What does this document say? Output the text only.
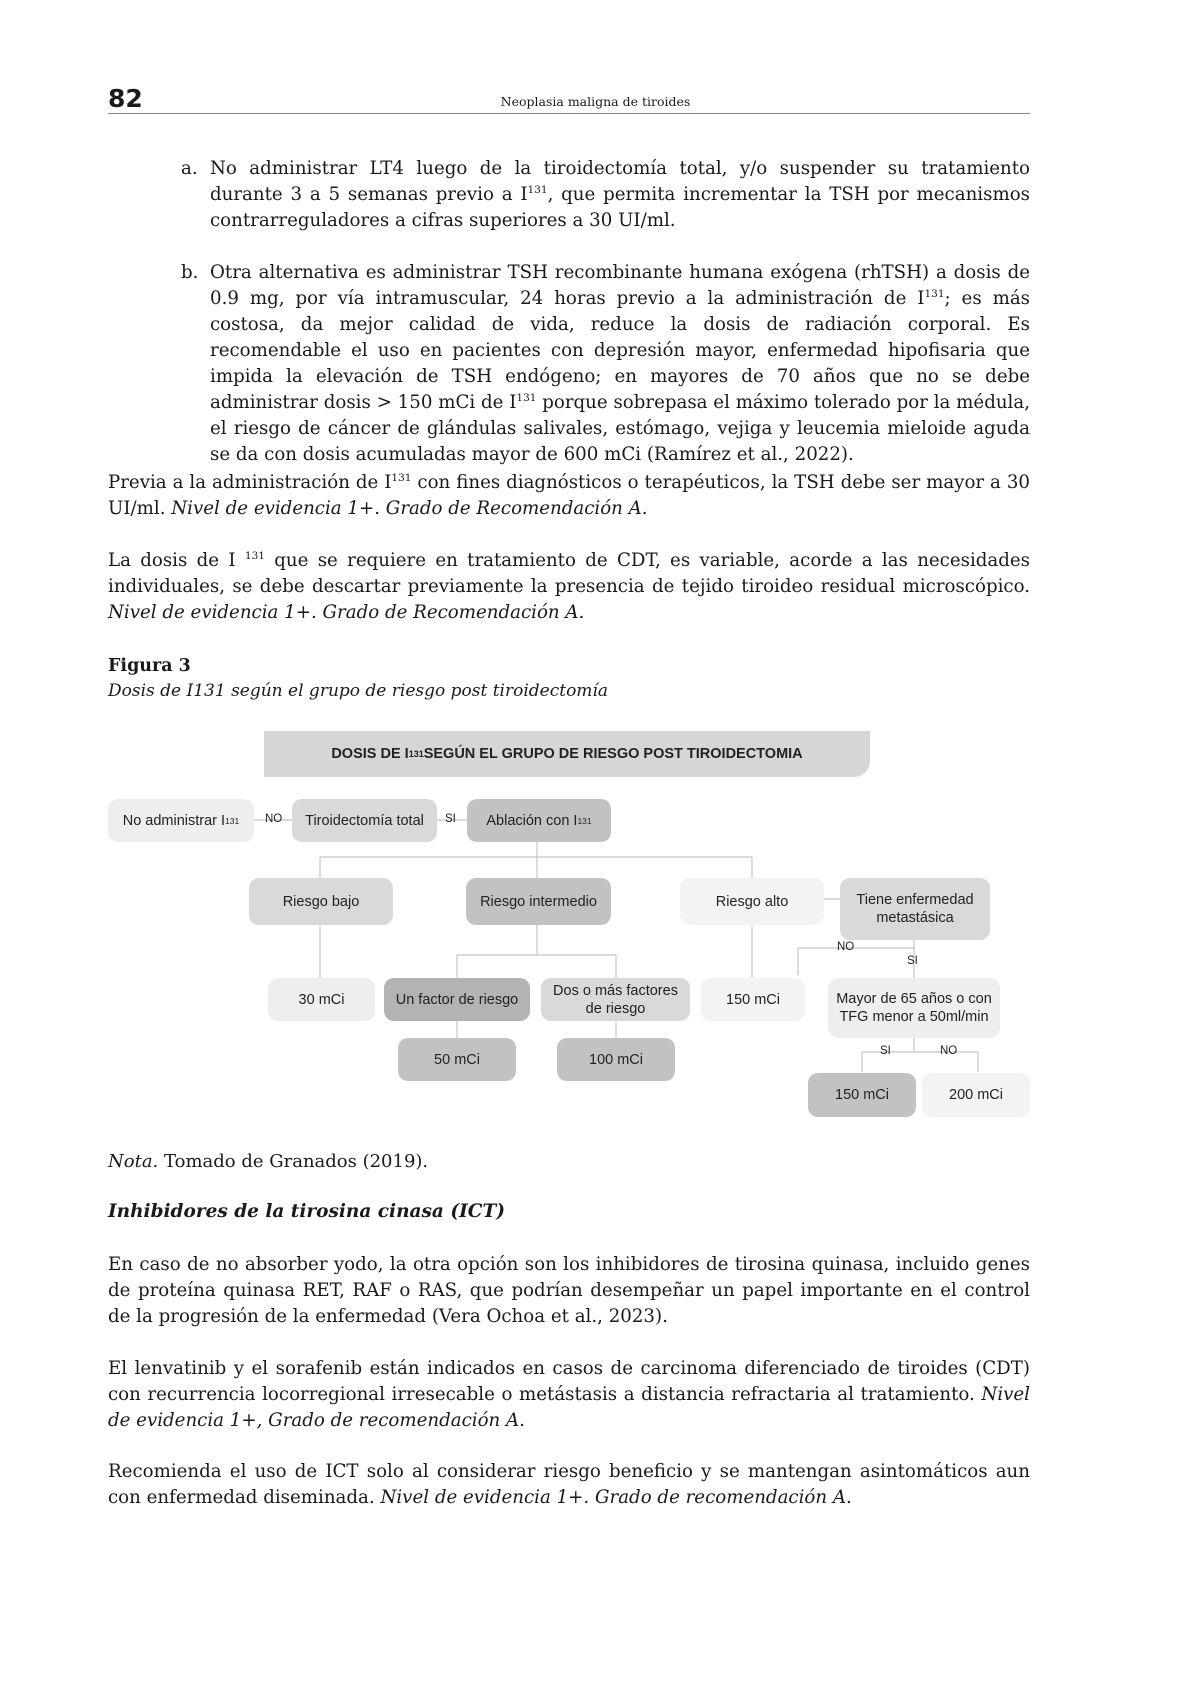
82	Neoplasia maligna de tiroides
a. No administrar LT4 luego de la tiroidectomía total, y/o suspender su tratamiento durante 3 a 5 semanas previo a $I^{131}$, que permita incrementar la TSH por mecanismos contrarreguladores a cifras superiores a 30 UI/ml.
b. Otra alternativa es administrar TSH recombinante humana exógena (rhTSH) a dosis de 0.9 mg, por vía intramuscular, 24 horas previo a la administración de $I^{131}$; es más costosa, da mejor calidad de vida, reduce la dosis de radiación corporal. Es recomendable el uso en pacientes con depresión mayor, enfermedad hipofisaria que impida la elevación de TSH endógeno; en mayores de 70 años que no se debe administrar dosis > 150 mCi de $I^{131}$ porque sobrepasa el máximo tolerado por la médula, el riesgo de cáncer de glándulas salivales, estómago, vejiga y leucemia mieloide aguda se da con dosis acumuladas mayor de 600 mCi (Ramírez et al., 2022).

Previa a la administración de $I^{131}$ con fines diagnósticos o terapéuticos, la TSH debe ser mayor a 30 UI/ml. Nivel de evidencia 1+. Grado de Recomendación A.

La dosis de I $^{131}$ que se requiere en tratamiento de CDT, es variable, acorde a las necesidades individuales, se debe descartar previamente la presencia de tejido tiroideo residual microscópico. Nivel de evidencia 1+. Grado de Recomendación A.

Figura 3
Dosis de I131 según el grupo de riesgo post tiroidectomía
DOSIS DE I 131 SEGÚN EL GRUPO DE RIESGO POST TIROIDECTOMIA
No administrar I 131	Tiroidectomía total	Ablación con I 131
Riesgo bajo	Riesgo intermedio	Riesgo alto	Tiene enfermedad
metastásica
30 mCi	Un factor de riesgo
Dos o más factores
de riesgo
150 mCi	Mayor de 65 años o con
TFG menor a 50ml/min
50 mCi	100 mCi
150 mCi	200 mCi
NO	SI
NO
SI
SI	NO
Nota. Tomado de Granados (2019).
Inhibidores de la tirosina cinasa (ICT)

En caso de no absorber yodo, la otra opción son los inhibidores de tirosina quinasa, incluido genes de proteína quinasa RET, RAF o RAS, que podrían desempeñar un papel importante en el control de la progresión de la enfermedad (Vera Ochoa et al., 2023).

El lenvatinib y el sorafenib están indicados en casos de carcinoma diferenciado de tiroides (CDT) con recurrencia locorregional irresecable o metástasis a distancia refractaria al tratamiento. Nivel de evidencia 1+, Grado de recomendación A.

Recomienda el uso de ICT solo al considerar riesgo beneficio y se mantengan asintomáticos aun con enfermedad diseminada. Nivel de evidencia 1+. Grado de recomendación A.
